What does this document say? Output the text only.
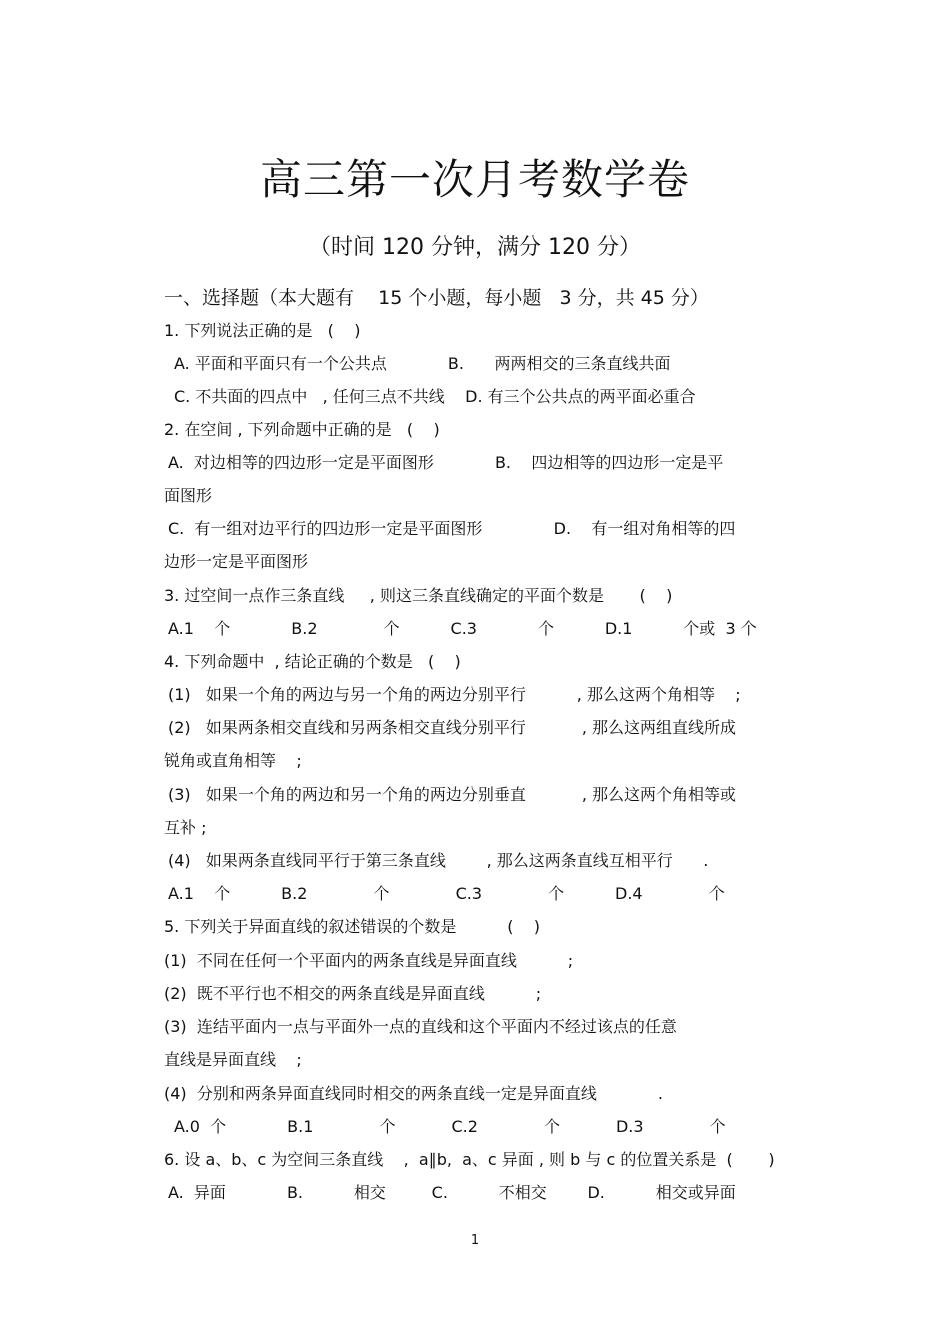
高三第一次月考数学卷
（时间 120 分钟，满分 120 分）
一、选择题（本大题有    15 个小题，每小题   3 分，共 45 分）
1. 下列说法正确的是   (    )
A. 平面和平面只有一个公共点            B.      两两相交的三条直线共面
C. 不共面的四点中   , 任何三点不共线    D. 有三个公共点的两平面必重合
2. 在空间 , 下列命题中正确的是   (    )
A.  对边相等的四边形一定是平面图形            B.    四边相等的四边形一定是平
面图形
C.  有一组对边平行的四边形一定是平面图形              D.    有一组对角相等的四
边形一定是平面图形
3. 过空间一点作三条直线     , 则这三条直线确定的平面个数是       (    )
A.1    个            B.2             个          C.3            个          D.1          个或  3 个
4. 下列命题中  , 结论正确的个数是   (    )
(1)   如果一个角的两边与另一个角的两边分别平行          , 那么这两个角相等    ;
(2)   如果两条相交直线和另两条相交直线分别平行           , 那么这两组直线所成
锐角或直角相等    ;
(3)   如果一个角的两边和另一个角的两边分别垂直           , 那么这两个角相等或
互补 ;
(4)   如果两条直线同平行于第三条直线        , 那么这两条直线互相平行      .
A.1    个          B.2             个             C.3             个          D.4             个
5. 下列关于异面直线的叙述错误的个数是          (    )
(1)  不同在任何一个平面内的两条直线是异面直线          ;
(2)  既不平行也不相交的两条直线是异面直线          ;
(3)  连结平面内一点与平面外一点的直线和这个平面内不经过该点的任意
直线是异面直线    ;
(4)  分别和两条异面直线同时相交的两条直线一定是异面直线            .
A.0  个            B.1             个           C.2             个           D.3             个
6. 设 a、b、c 为空间三条直线    ,  a∥b,  a、c 异面 , 则 b 与 c 的位置关系是  (       )
A.  异面            B.          相交         C.          不相交        D.          相交或异面
1
